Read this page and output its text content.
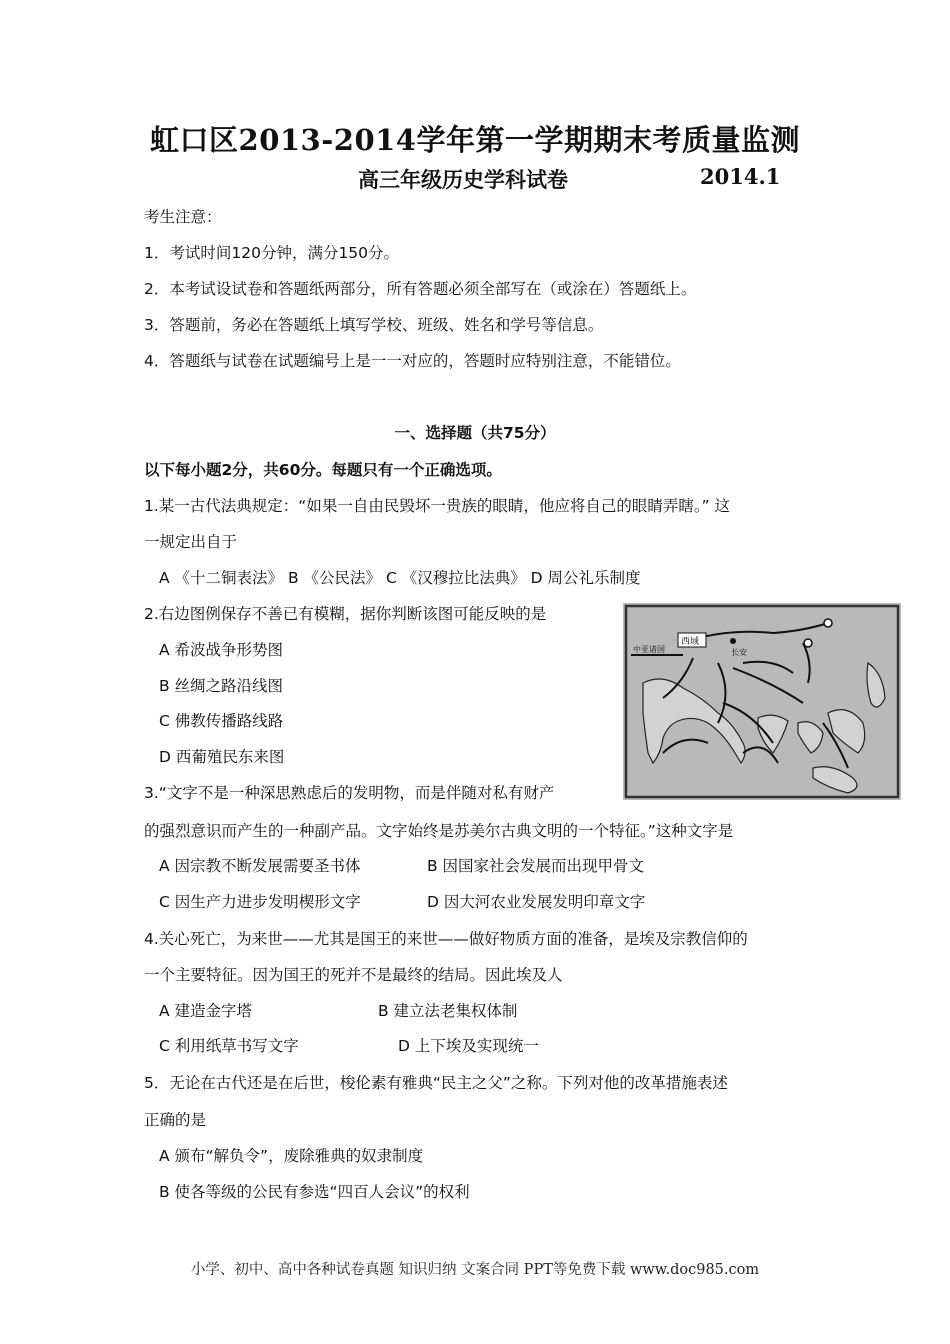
虹口区2013-2014学年第一学期期末考质量监测
高三年级历史学科试卷	2014.1
考生注意：
1．考试时间120分钟，满分150分。
2．本考试设试卷和答题纸两部分，所有答题必须全部写在（或涂在）答题纸上。
3．答题前，务必在答题纸上填写学校、班级、姓名和学号等信息。
4．答题纸与试卷在试题编号上是一一对应的，答题时应特别注意，不能错位。
一、选择题（共75分）
以下每小题2分，共60分。每题只有一个正确选项。
1.某一古代法典规定：“如果一自由民毁坏一贵族的眼睛，他应将自己的眼睛弄瞎。” 这
一规定出自于
A 《十二铜表法》 B 《公民法》 C 《汉穆拉比法典》 D 周公礼乐制度
2.右边图例保存不善已有模糊，据你判断该图可能反映的是
A 希波战争形势图
B 丝绸之路沿线图
C 佛教传播路线路
D 西葡殖民东来图
西域
长安
中亚诸国
3.“文字不是一种深思熟虑后的发明物，而是伴随对私有财产
的强烈意识而产生的一种副产品。文字始终是苏美尔古典文明的一个特征。”这种文字是
A 因宗教不断发展需要圣书体	B 因国家社会发展而出现甲骨文
C 因生产力进步发明楔形文字	D 因大河农业发展发明印章文字
4.关心死亡，为来世——尤其是国王的来世——做好物质方面的准备，是埃及宗教信仰的
一个主要特征。因为国王的死并不是最终的结局。因此埃及人
A 建造金字塔	B 建立法老集权体制
C 利用纸草书写文字	D 上下埃及实现统一
5．无论在古代还是在后世，梭伦素有雅典“民主之父”之称。下列对他的改革措施表述
正确的是
A 颁布“解负令”，废除雅典的奴隶制度
B 使各等级的公民有参选“四百人会议”的权利
小学、初中、高中各种试卷真题 知识归纳 文案合同 PPT等免费下载 www.doc985.com
